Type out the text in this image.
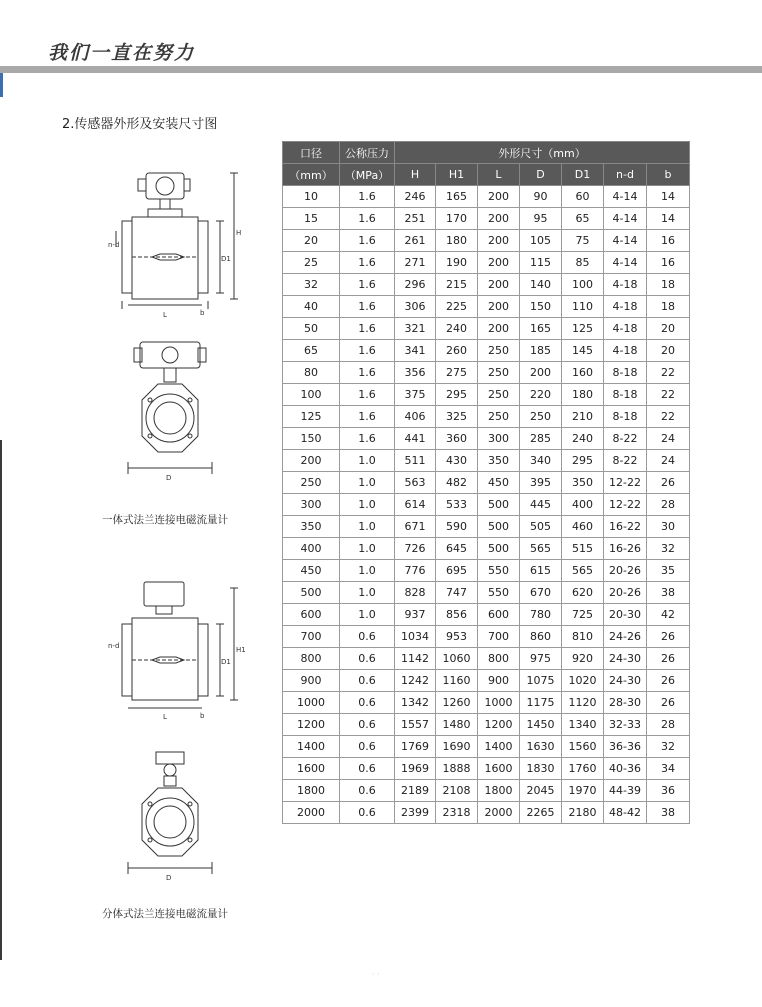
我们一直在努力
2.传感器外形及安装尺寸图
H
D1
L	b
n-d
D
一体式法兰连接电磁流量计
H1
D1
L	b
n-d
D
分体式法兰连接电磁流量计
口径	公称压力	外形尺寸（mm）						
（mm）	（MPa）	H	H1	L	D	D1	n-d	b
10	1.6	246	165	200	90	60	4-14	14
15	1.6	251	170	200	95	65	4-14	14
20	1.6	261	180	200	105	75	4-14	16
25	1.6	271	190	200	115	85	4-14	16
32	1.6	296	215	200	140	100	4-18	18
40	1.6	306	225	200	150	110	4-18	18
50	1.6	321	240	200	165	125	4-18	20
65	1.6	341	260	250	185	145	4-18	20
80	1.6	356	275	250	200	160	8-18	22
100	1.6	375	295	250	220	180	8-18	22
125	1.6	406	325	250	250	210	8-18	22
150	1.6	441	360	300	285	240	8-22	24
200	1.0	511	430	350	340	295	8-22	24
250	1.0	563	482	450	395	350	12-22	26
300	1.0	614	533	500	445	400	12-22	28
350	1.0	671	590	500	505	460	16-22	30
400	1.0	726	645	500	565	515	16-26	32
450	1.0	776	695	550	615	565	20-26	35
500	1.0	828	747	550	670	620	20-26	38
600	1.0	937	856	600	780	725	20-30	42
700	0.6	1034	953	700	860	810	24-26	26
800	0.6	1142	1060	800	975	920	24-30	26
900	0.6	1242	1160	900	1075	1020	24-30	26
1000	0.6	1342	1260	1000	1175	1120	28-30	26
1200	0.6	1557	1480	1200	1450	1340	32-33	28
1400	0.6	1769	1690	1400	1630	1560	36-36	32
1600	0.6	1969	1888	1600	1830	1760	40-36	34
1800	0.6	2189	2108	1800	2045	1970	44-39	36
2000	0.6	2399	2318	2000	2265	2180	48-42	38
· ·
